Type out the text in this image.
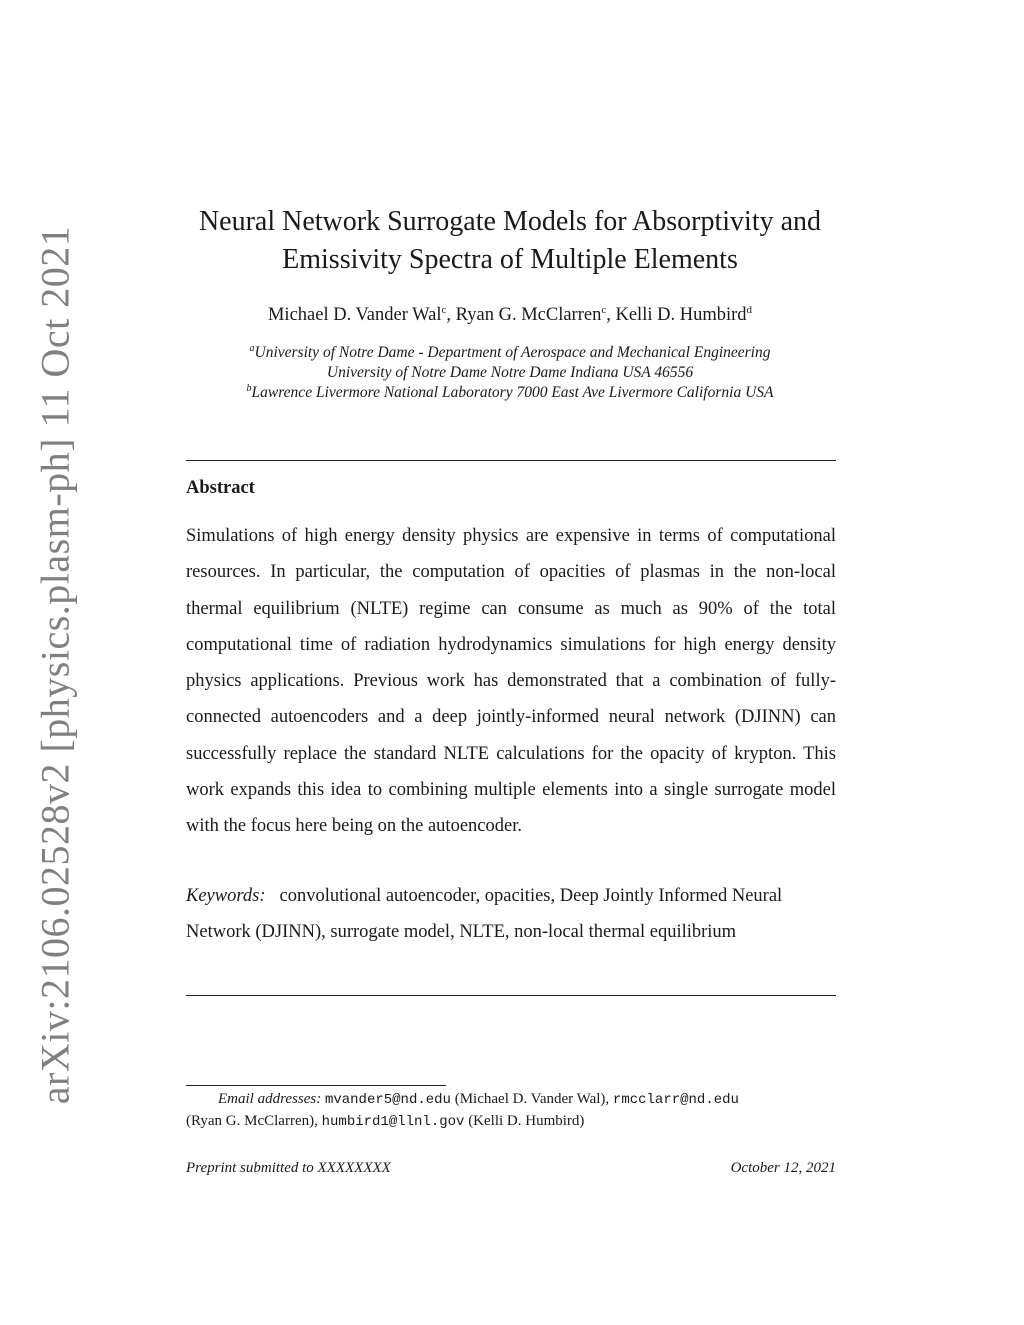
arXiv:2106.02528v2 [physics.plasm-ph] 11 Oct 2021
Neural Network Surrogate Models for Absorptivity and
Emissivity Spectra of Multiple Elements
Michael D. Vander Wal$^c$, Ryan G. McClarren$^c$, Kelli D. Humbird$^d$
$^a$University of Notre Dame - Department of Aerospace and Mechanical Engineering
University of Notre Dame Notre Dame Indiana USA 46556
$^b$Lawrence Livermore National Laboratory 7000 East Ave Livermore California USA
Abstract
Simulations of high energy density physics are expensive in terms of computational resources. In particular, the computation of opacities of plasmas in the non-local thermal equilibrium (NLTE) regime can consume as much as 90% of the total computational time of radiation hydrodynamics simulations for high energy density physics applications. Previous work has demonstrated that a combination of fully-connected autoencoders and a deep jointly-informed neural network (DJINN) can successfully replace the standard NLTE calculations for the opacity of krypton. This work expands this idea to combining multiple elements into a single surrogate model with the focus here being on the autoencoder.
Keywords: convolutional autoencoder, opacities, Deep Jointly Informed Neural Network (DJINN), surrogate model, NLTE, non-local thermal equilibrium
Email addresses: mvander5@nd.edu (Michael D. Vander Wal), rmcclarr@nd.edu
(Ryan G. McClarren), humbird1@llnl.gov (Kelli D. Humbird)
Preprint submitted to XXXXXXXX	October 12, 2021
